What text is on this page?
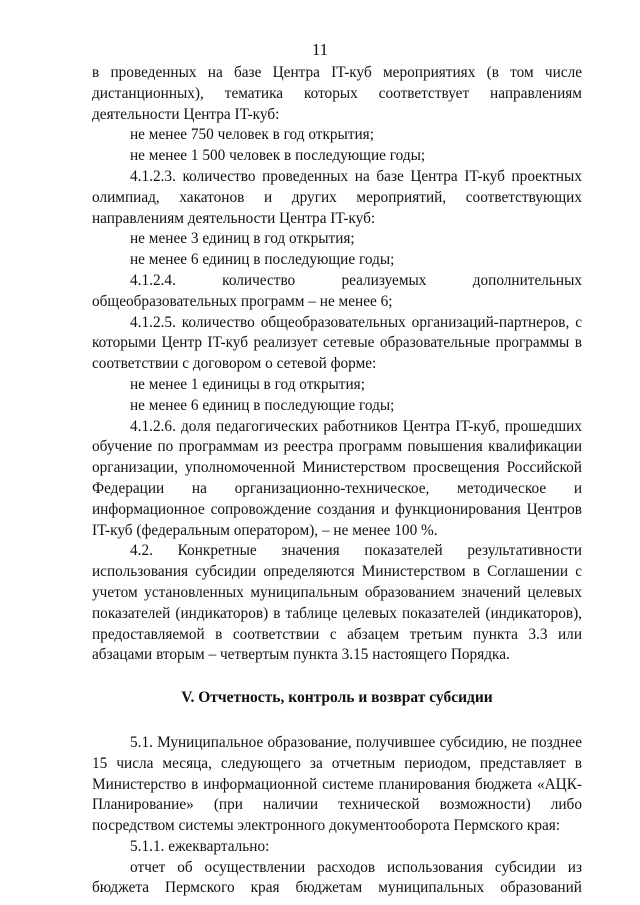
11

в проведенных на базе Центра IT-куб мероприятиях (в том числе дистанционных), тематика которых соответствует направлениям деятельности Центра IT-куб:

не менее 750 человек в год открытия;

не менее 1 500 человек в последующие годы;

4.1.2.3. количество проведенных на базе Центра IT-куб проектных олимпиад, хакатонов и других мероприятий, соответствующих направлениям деятельности Центра IT-куб:

не менее 3 единиц в год открытия;

не менее 6 единиц в последующие годы;

4.1.2.4. количество реализуемых дополнительных общеобразовательных программ – не менее 6;

4.1.2.5. количество общеобразовательных организаций-партнеров, с которыми Центр IT-куб реализует сетевые образовательные программы в соответствии с договором о сетевой форме:

не менее 1 единицы в год открытия;

не менее 6 единиц в последующие годы;

4.1.2.6. доля педагогических работников Центра IT-куб, прошедших обучение по программам из реестра программ повышения квалификации организации, уполномоченной Министерством просвещения Российской Федерации на организационно-техническое, методическое и информационное сопровождение создания и функционирования Центров IT-куб (федеральным оператором), – не менее 100 %.

4.2. Конкретные значения показателей результативности использования субсидии определяются Министерством в Соглашении с учетом установленных муниципальным образованием значений целевых показателей (индикаторов) в таблице целевых показателей (индикаторов), предоставляемой в соответствии с абзацем третьим пункта 3.3 или абзацами вторым – четвертым пункта 3.15 настоящего Порядка.

V. Отчетность, контроль и возврат субсидии

5.1. Муниципальное образование, получившее субсидию, не позднее 15 числа месяца, следующего за отчетным периодом, представляет в Министерство в информационной системе планирования бюджета «АЦК-Планирование» (при наличии технической возможности) либо посредством системы электронного документооборота Пермского края:

5.1.1. ежеквартально:

отчет об осуществлении расходов использования субсидии из бюджета Пермского края бюджетам муниципальных образований
